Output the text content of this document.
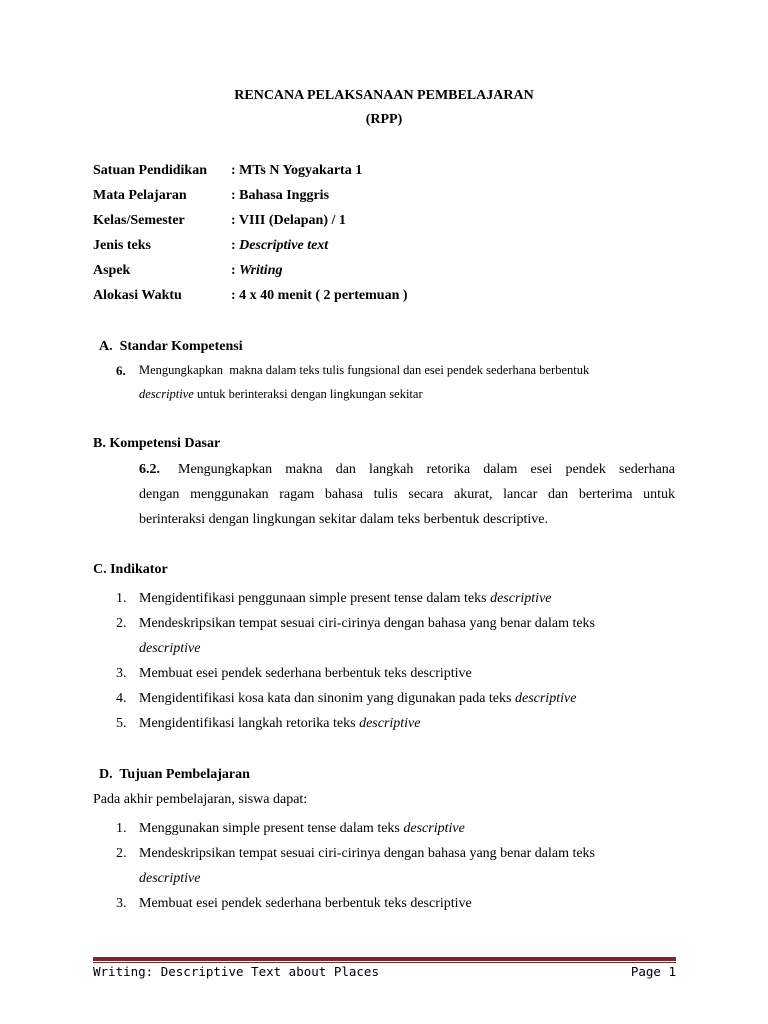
RENCANA PELAKSANAAN PEMBELAJARAN
(RPP)
Satuan Pendidikan : MTs N Yogyakarta 1
Mata Pelajaran	: Bahasa Inggris
Kelas/Semester	: VIII (Delapan) / 1
Jenis teks	: Descriptive text
Aspek	: Writing
Alokasi Waktu	: 4 x 40 menit ( 2 pertemuan )
A.  Standar Kompetensi
6. Mengungkapkan  makna dalam teks tulis fungsional dan esei pendek sederhana berbentuk
descriptive untuk berinteraksi dengan lingkungan sekitar
B. Kompetensi Dasar
6.2. Mengungkapkan makna dan langkah retorika dalam esei pendek sederhana
dengan menggunakan ragam bahasa tulis secara akurat, lancar dan berterima untuk
berinteraksi dengan lingkungan sekitar dalam teks berbentuk descriptive.
C. Indikator
1. Mengidentifikasi penggunaan simple present tense dalam teks descriptive
2. Mendeskripsikan tempat sesuai ciri-cirinya dengan bahasa yang benar dalam teks
descriptive
3. Membuat esei pendek sederhana berbentuk teks descriptive
4. Mengidentifikasi kosa kata dan sinonim yang digunakan pada teks descriptive
5. Mengidentifikasi langkah retorika teks descriptive
D.  Tujuan Pembelajaran
Pada akhir pembelajaran, siswa dapat:
1. Menggunakan simple present tense dalam teks descriptive
2. Mendeskripsikan tempat sesuai ciri-cirinya dengan bahasa yang benar dalam teks
descriptive
3. Membuat esei pendek sederhana berbentuk teks descriptive
Writing: Descriptive Text about Places	Page 1
